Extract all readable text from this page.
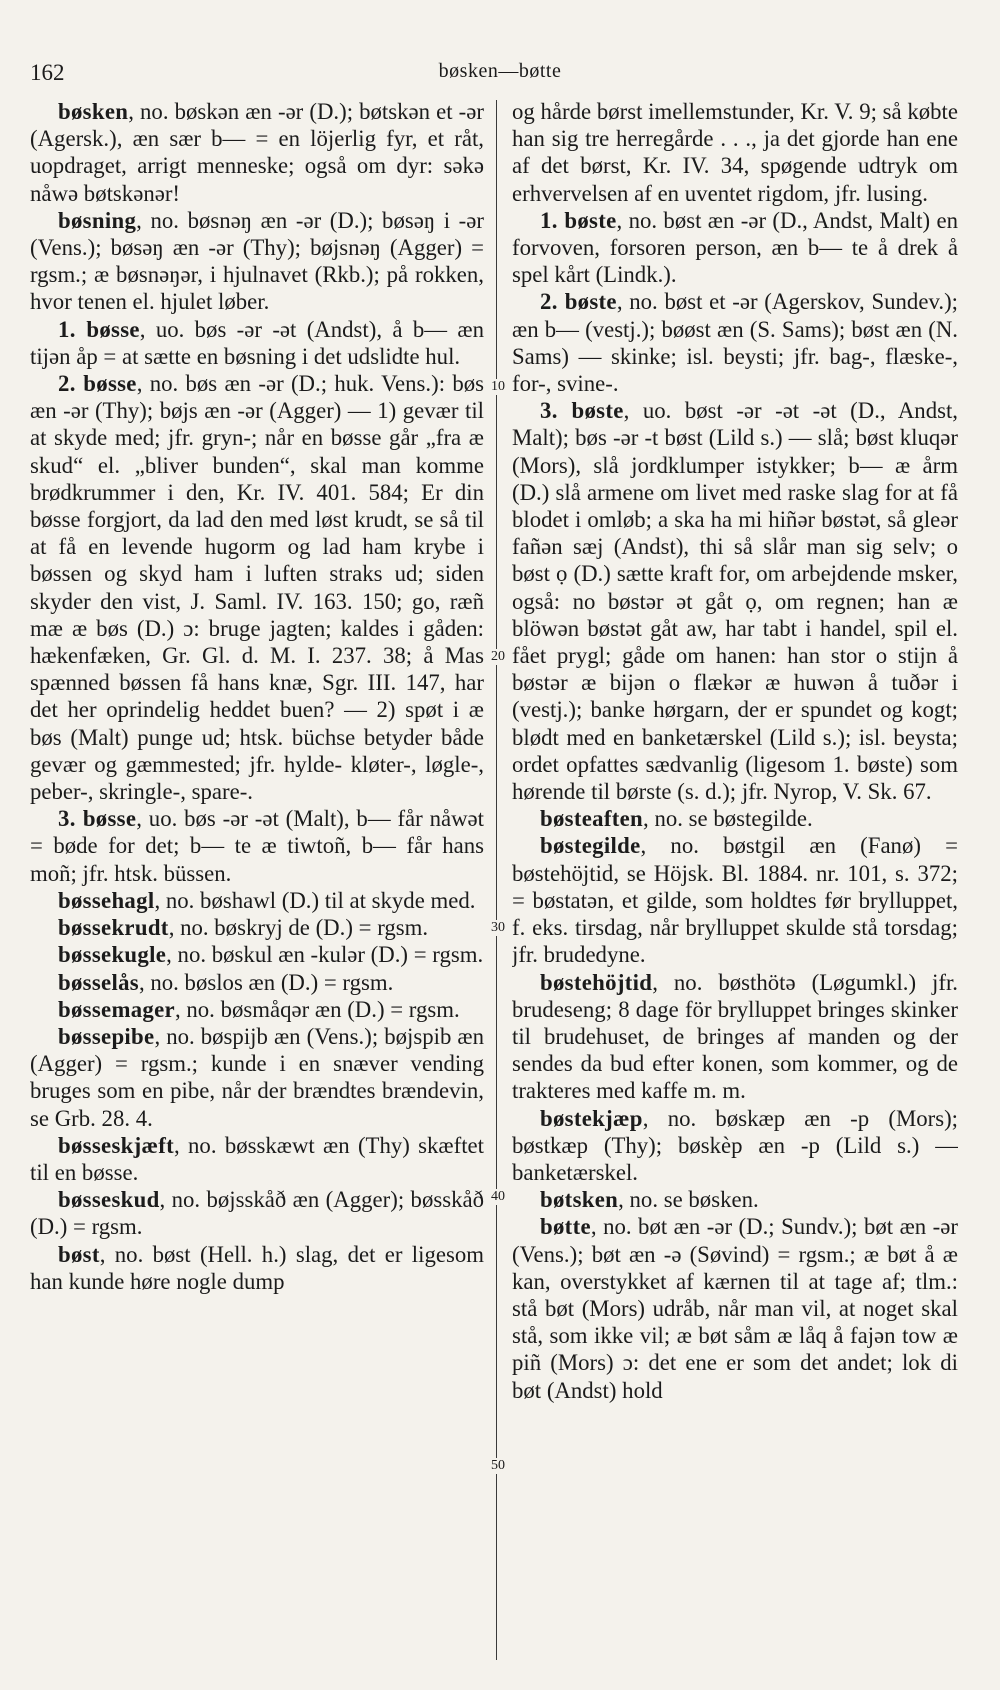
162	bøsken—bøtte

bøsken, no. bøskən æn -ər (D.); bøtskən et -ər (Agersk.), æn sær b— = en löjerlig fyr, et råt, uopdraget, arrigt menneske; også om dyr: səkə nåwə bøtskənər!

bøsning, no. bøsnəŋ æn -ər (D.); bøsəŋ i -ər (Vens.); bøsəŋ æn -ər (Thy); bøjsnəŋ (Agger) = rgsm.; æ bøsnəŋər, i hjulnavet (Rkb.); på rokken, hvor tenen el. hjulet løber.

1. bøsse, uo. bøs -ər -ət (Andst), å b— æn tijən åp = at sætte en bøsning i det udslidte hul.

2. bøsse, no. bøs æn -ər (D.; huk. Vens.): bøs æn -ər (Thy); bøjs æn -ər (Agger) — 1) gevær til at skyde med; jfr. gryn-; når en bøsse går „fra æ skud“ el. „bliver bunden“, skal man komme brødkrummer i den, Kr. IV. 401. 584; Er din bøsse forgjort, da lad den med løst krudt, se så til at få en levende hugorm og lad ham krybe i bøssen og skyd ham i luften straks ud; siden skyder den vist, J. Saml. IV. 163. 150; go, ræñ mæ æ bøs (D.) ɔ: bruge jagten; kaldes i gåden: hækenfæken, Gr. Gl. d. M. I. 237. 38; å Mas spænned bøssen få hans knæ, Sgr. III. 147, har det her oprindelig heddet buen? — 2) spøt i æ bøs (Malt) punge ud; htsk. büchse betyder både gevær og gæmmested; jfr. hylde- kløter-, løgle-, peber-, skringle-, spare-.

3. bøsse, uo. bøs -ər -ət (Malt), b— får nåwət = bøde for det; b— te æ tiwtoñ, b— får hans moñ; jfr. htsk. büssen.

bøssehagl, no. bøshawl (D.) til at skyde med.

bøssekrudt, no. bøskryj de (D.) = rgsm.

bøssekugle, no. bøskul æn -kulər (D.) = rgsm.

bøsselås, no. bøslos æn (D.) = rgsm.

bøssemager, no. bøsmåqər æn (D.) = rgsm.

bøssepibe, no. bøspijb æn (Vens.); bøjspib æn (Agger) = rgsm.; kunde i en snæver vending bruges som en pibe, når der brændtes brændevin, se Grb. 28. 4.

bøsseskjæft, no. bøsskæwt æn (Thy) skæftet til en bøsse.

bøsseskud, no. bøjsskåð æn (Agger); bøsskåð (D.) = rgsm.

bøst, no. bøst (Hell. h.) slag, det er ligesom han kunde høre nogle dump

og hårde børst imellemstunder, Kr. V. 9; så købte han sig tre herregårde . . ., ja det gjorde han ene af det børst, Kr. IV. 34, spøgende udtryk om erhvervelsen af en uventet rigdom, jfr. lusing.

1. bøste, no. bøst æn -ər (D., Andst, Malt) en forvoven, forsoren person, æn b— te å drek å spel kårt (Lindk.).

2. bøste, no. bøst et -ər (Agerskov, Sundev.); æn b— (vestj.); bøøst æn (S. Sams); bøst æn (N. Sams) — skinke; isl. beysti; jfr. bag-, flæske-, for-, svine-.

3. bøste, uo. bøst -ər -ət -ət (D., Andst, Malt); bøs -ər -t bøst (Lild s.) — slå; bøst kluqər (Mors), slå jordklumper istykker; b— æ årm (D.) slå armene om livet med raske slag for at få blodet i omløb; a ska ha mi hiñər bøstət, så gleər fañən sæj (Andst), thi så slår man sig selv; o bøst ọ (D.) sætte kraft for, om arbejdende msker, også: no bøstər ət gåt ọ, om regnen; han æ blöwən bøstət gåt aw, har tabt i handel, spil el. fået prygl; gåde om hanen: han stor o stijn å bøstər æ bijən o flækər æ huwən å tuðər i (vestj.); banke hørgarn, der er spundet og kogt; blødt med en banketærskel (Lild s.); isl. beysta; ordet opfattes sædvanlig (ligesom 1. bøste) som hørende til børste (s. d.); jfr. Nyrop, V. Sk. 67.

bøsteaften, no. se bøstegilde.

bøstegilde, no. bøstgil æn (Fanø) = bøstehöjtid, se Höjsk. Bl. 1884. nr. 101, s. 372; = bøstatən, et gilde, som holdtes før brylluppet, f. eks. tirsdag, når brylluppet skulde stå torsdag; jfr. brudedyne.

bøstehöjtid, no. bøsthötə (Løgumkl.) jfr. brudeseng; 8 dage för brylluppet bringes skinker til brudehuset, de bringes af manden og der sendes da bud efter konen, som kommer, og de trakteres med kaffe m. m.

bøstekjæp, no. bøskæp æn -p (Mors); bøstkæp (Thy); bøskèp æn -p (Lild s.) — banketærskel.

bøtsken, no. se bøsken.

bøtte, no. bøt æn -ər (D.; Sundv.); bøt æn -ər (Vens.); bøt æn -ə (Søvind) = rgsm.; æ bøt å æ kan, overstykket af kærnen til at tage af; tlm.: stå bøt (Mors) udråb, når man vil, at noget skal stå, som ikke vil; æ bøt såm æ låq å fajən tow æ piñ (Mors) ɔ: det ene er som det andet; lok di bøt (Andst) hold

10
20
30
40
50
